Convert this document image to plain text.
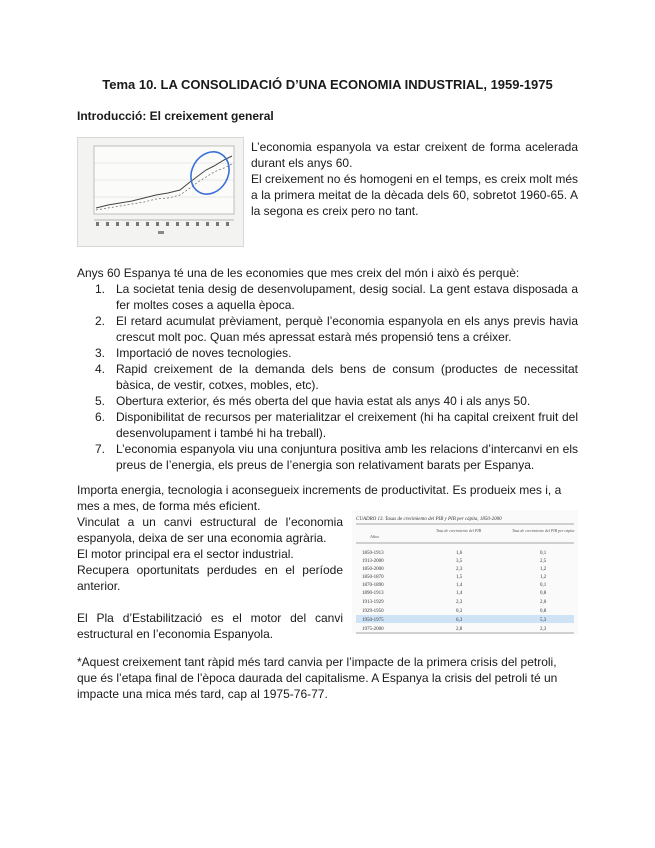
Tema 10. LA CONSOLIDACIÓ D’UNA ECONOMIA INDUSTRIAL, 1959-1975
Introducció: El creixement general
L’economia espanyola va estar creixent de forma acelerada durant els anys 60.
El creixement no és homogeni en el temps, es creix molt més a la primera meitat de la dècada dels 60, sobretot 1960-65. A la segona es creix pero no tant.
Anys 60 Espanya té una de les economies que mes creix del món i això és perquè:
1. La societat tenia desig de desenvolupament, desig social. La gent estava disposada a fer moltes coses a aquella època.
2. El retard acumulat prèviament, perquè l’economia espanyola en els anys previs havia crescut molt poc. Quan més apressat estarà més propensió tens a créixer.
3. Importació de noves tecnologies.
4. Rapid creixement de la demanda dels bens de consum (productes de necessitat bàsica, de vestir, cotxes, mobles, etc).
5. Obertura exterior, és més oberta del que havia estat als anys 40 i als anys 50.
6. Disponibilitat de recursos per materialitzar el creixement (hi ha capital creixent fruit del desenvolupament i també hi ha treball).
7. L’economia espanyola viu una conjuntura positiva amb les relacions d’intercanvi en els preus de l’energia, els preus de l’energia son relativament barats per Espanya.
Importa energia, tecnologia i aconsegueix increments de productivitat. Es produeix mes i, a mes a mes, de forma més eficient.
Vinculat a un canvi estructural de l’economia espanyola, deixa de ser una economia agrària.
El motor principal era el sector industrial.
Recupera oportunitats perdudes en el període anterior.
El Pla d’Estabilització es el motor del canvi estructural en l’economia Espanyola.
CUADRO 13. Tasas de crecimiento del PIB y PIB per cápita, 1850-2000
Años
Tasa de crecimiento del PIB	Tasa de crecimiento del PIB per cápita
1850-1913	1,6	0,1
1913-2000	3,5	2,5
1850-2000	2,3	1,2
1850-1870	1,5	1,2
1870-1890	1,4	0,1
1890-1913	1,4	0,8
1913-1929	2,3	2,0
1929-1950	0,3	0,8
1950-1975	6,3	5,3
1975-2000	2,8	2,3
*Aquest creixement tant ràpid més tard canvia per l’impacte de la primera crisis del petroli, que és l’etapa final de l’època daurada del capitalisme. A Espanya la crisis del petroli té un impacte una mica més tard, cap al 1975-76-77.
